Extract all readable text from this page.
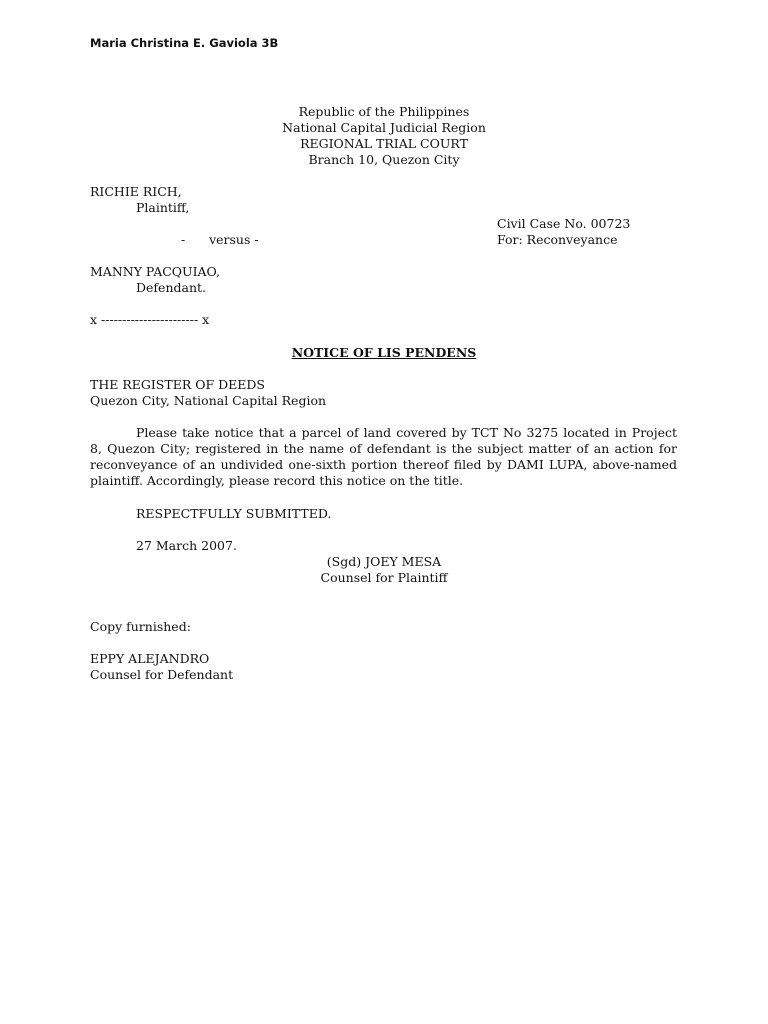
Maria Christina E. Gaviola 3B
Republic of the Philippines
National Capital Judicial Region
REGIONAL TRIAL COURT
Branch 10, Quezon City
RICHIE RICH,
Plaintiff,
-      versus -
MANNY PACQUIAO,
Defendant.
Civil Case No. 00723
For: Reconveyance
x ----------------------- x
NOTICE OF LIS PENDENS
THE REGISTER OF DEEDS
Quezon City, National Capital Region
Please take notice that a parcel of land covered by TCT No 3275 located in Project 8, Quezon City; registered in the name of defendant is the subject matter of an action for reconveyance of an undivided one-sixth portion thereof filed by DAMI LUPA, above-named plaintiff. Accordingly, please record this notice on the title.
RESPECTFULLY SUBMITTED.
27 March 2007.
(Sgd) JOEY MESA
Counsel for Plaintiff
Copy furnished:
EPPY ALEJANDRO
Counsel for Defendant
